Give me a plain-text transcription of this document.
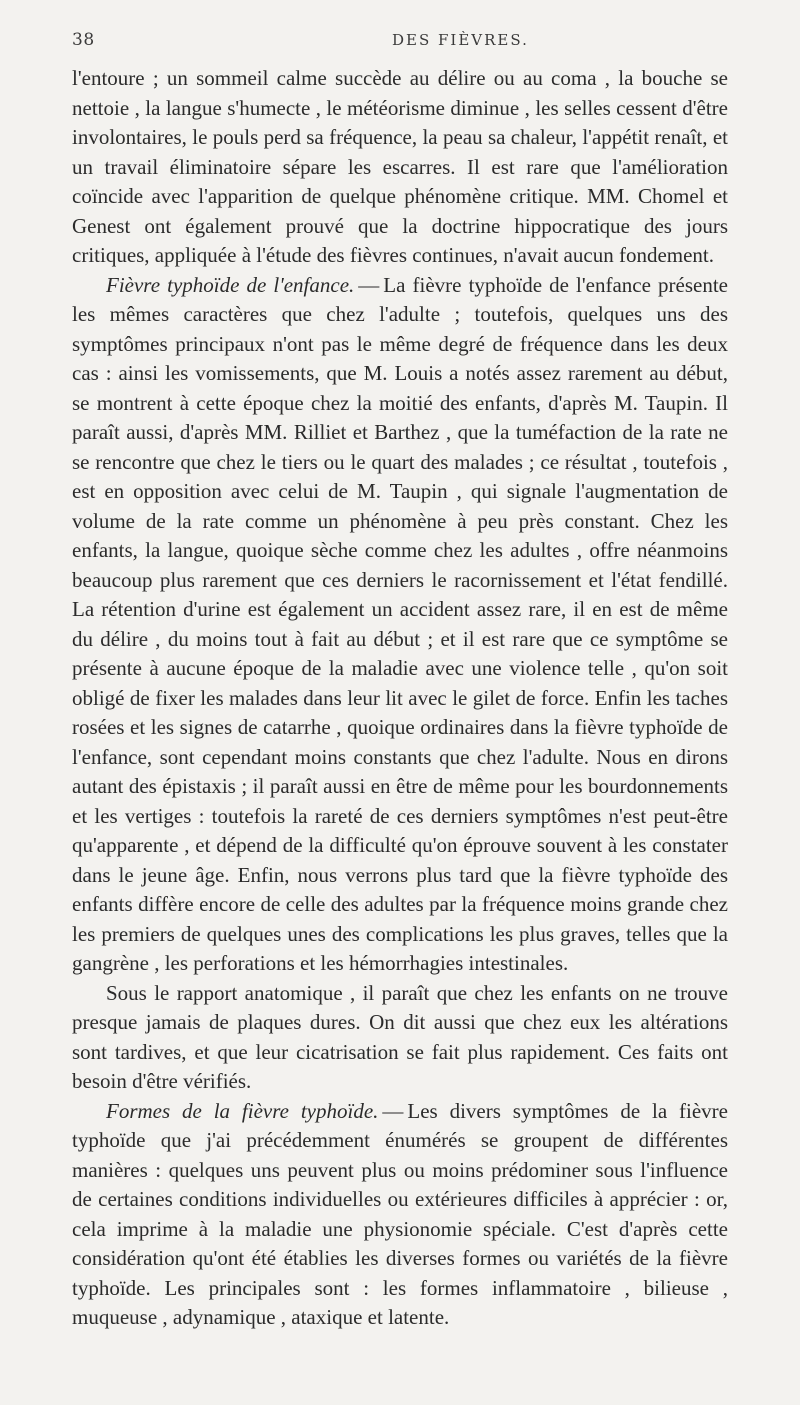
38	DES FIÈVRES.

l'entoure ; un sommeil calme succède au délire ou au coma , la bouche se nettoie , la langue s'humecte , le météorisme diminue , les selles cessent d'être involontaires, le pouls perd sa fréquence, la peau sa chaleur, l'appétit renaît, et un travail éliminatoire sépare les escarres. Il est rare que l'amélioration coïncide avec l'apparition de quelque phénomène critique. MM. Chomel et Genest ont également prouvé que la doctrine hippocratique des jours critiques, appliquée à l'étude des fièvres continues, n'avait aucun fondement.

Fièvre typhoïde de l'enfance. — La fièvre typhoïde de l'enfance présente les mêmes caractères que chez l'adulte ; toutefois, quelques uns des symptômes principaux n'ont pas le même degré de fréquence dans les deux cas : ainsi les vomissements, que M. Louis a notés assez rarement au début, se montrent à cette époque chez la moitié des enfants, d'après M. Taupin. Il paraît aussi, d'après MM. Rilliet et Barthez , que la tuméfaction de la rate ne se rencontre que chez le tiers ou le quart des malades ; ce résultat , toutefois , est en opposition avec celui de M. Taupin , qui signale l'augmentation de volume de la rate comme un phénomène à peu près constant. Chez les enfants, la langue, quoique sèche comme chez les adultes , offre néanmoins beaucoup plus rarement que ces derniers le racornissement et l'état fendillé. La rétention d'urine est également un accident assez rare, il en est de même du délire , du moins tout à fait au début ; et il est rare que ce symptôme se présente à aucune époque de la maladie avec une violence telle , qu'on soit obligé de fixer les malades dans leur lit avec le gilet de force. Enfin les taches rosées et les signes de catarrhe , quoique ordinaires dans la fièvre typhoïde de l'enfance, sont cependant moins constants que chez l'adulte. Nous en dirons autant des épistaxis ; il paraît aussi en être de même pour les bourdonnements et les vertiges : toutefois la rareté de ces derniers symptômes n'est peut-être qu'apparente , et dépend de la difficulté qu'on éprouve souvent à les constater dans le jeune âge. Enfin, nous verrons plus tard que la fièvre typhoïde des enfants diffère encore de celle des adultes par la fréquence moins grande chez les premiers de quelques unes des complications les plus graves, telles que la gangrène , les perforations et les hémorrhagies intestinales.

Sous le rapport anatomique , il paraît que chez les enfants on ne trouve presque jamais de plaques dures. On dit aussi que chez eux les altérations sont tardives, et que leur cicatrisation se fait plus rapidement. Ces faits ont besoin d'être vérifiés.

Formes de la fièvre typhoïde. — Les divers symptômes de la fièvre typhoïde que j'ai précédemment énumérés se groupent de différentes manières : quelques uns peuvent plus ou moins prédominer sous l'influence de certaines conditions individuelles ou extérieures difficiles à apprécier : or, cela imprime à la maladie une physionomie spéciale. C'est d'après cette considération qu'ont été établies les diverses formes ou variétés de la fièvre typhoïde. Les principales sont : les formes inflammatoire , bilieuse , muqueuse , adynamique , ataxique et latente.
